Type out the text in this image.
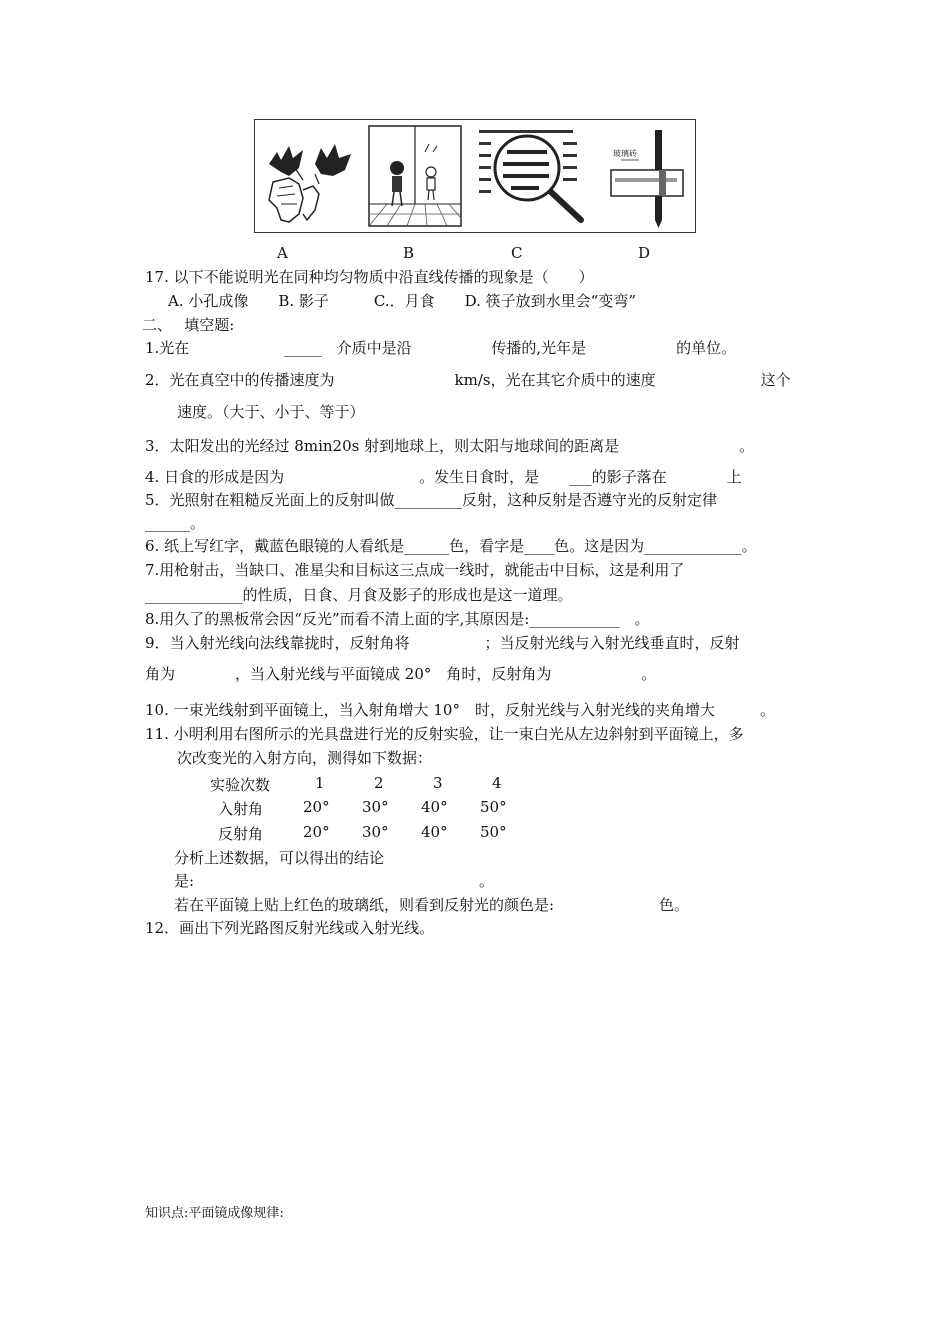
玻璃砖
A	B	C	D
17. 以下不能说明光在同种均匀物质中沿直线传播的现象是（　　）
A. 小孔成像　　B. 影子　　　C.．月食　　D. 筷子放到水里会“变弯”
二、　 填空题:
1.光在　　　　　　 _____　介质中是沿　　　　　 传播的,光年是　　　　　　的单位。
2．光在真空中的传播速度为　　　　　　　　km/s，光在其它介质中的速度　　　　　　　这个
速度。（大于、小于、等于）
3．太阳发出的光经过 8min20s 射到地球上，则太阳与地球间的距离是　　　　　　　　。
4. 日食的形成是因为　　　　　　　　　。发生日食时，是　　___的影子落在　　　　上
5．光照射在粗糙反光面上的反射叫做_________反射，这种反射是否遵守光的反射定律
______。
6. 纸上写红字，戴蓝色眼镜的人看纸是______色，看字是____色。这是因为_____________。
7.用枪射击，当缺口、准星尖和目标这三点成一线时，就能击中目标，这是利用了
_____________的性质，日食、月食及影子的形成也是这一道理。
8.用久了的黑板常会因“反光”而看不清上面的字,其原因是:____________　。
9．当入射光线向法线靠拢时，反射角将　　　　　；当反射光线与入射光线垂直时，反射
角为　　　　，当入射光线与平面镜成 20°　角时，反射角为　　　　　　。
10. 一束光线射到平面镜上，当入射角增大 10°　时，反射光线与入射光线的夹角增大　　　。
11. 小明利用右图所示的光具盘进行光的反射实验，让一束白光从左边斜射到平面镜上，多
次改变光的入射方向，测得如下数据：
实验次数	1	2	3	4
入射角	20° 30° 40° 50°
反射角	20° 30° 40° 50°
分析上述数据，可以得出的结论
是:　　　　　　　　　　　　　　　　　　　。
若在平面镜上贴上红色的玻璃纸，则看到反射光的颜色是:　　　　　　　色。
12．画出下列光路图反射光线或入射光线。
知识点:平面镜成像规律:
